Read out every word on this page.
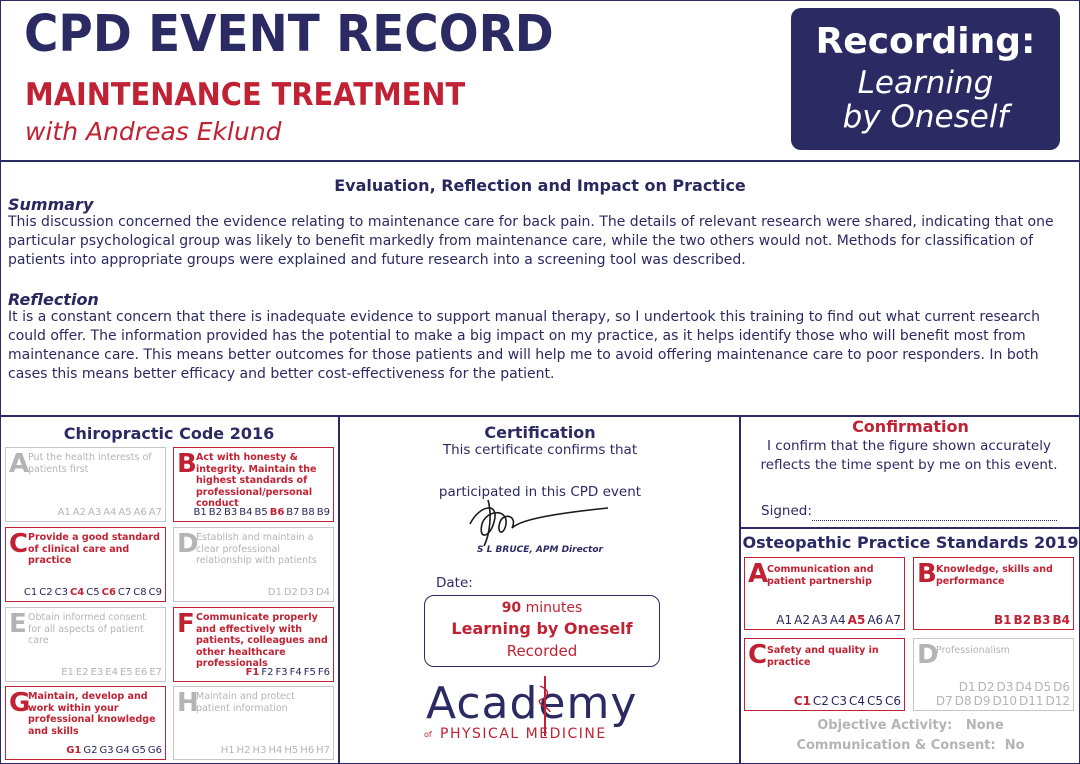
CPD EVENT RECORD
MAINTENANCE TREATMENT
with Andreas Eklund
Recording:
Learning
by Oneself
Evaluation, Reflection and Impact on Practice
Summary
This discussion concerned the evidence relating to maintenance care for back pain. The details of relevant research were shared, indicating that one particular psychological group was likely to benefit markedly from maintenance care, while the two others would not. Methods for classification of patients into appropriate groups were explained and future research into a screening tool was described.
Reflection
It is a constant concern that there is inadequate evidence to support manual therapy, so I undertook this training to find out what current research could offer. The information provided has the potential to make a big impact on my practice, as it helps identify those who will benefit most from maintenance care. This means better outcomes for those patients and will help me to avoid offering maintenance care to poor responders. In both cases this means better efficacy and better cost-effectiveness for the patient.
Chiropractic Code 2016
A
Put the health interests of patients first
A1 A2 A3 A4 A5 A6 A7
B Act with honesty & integrity. Maintain the highest standards of professional/personal conduct
B1 B2 B3 B4 B5 B6 B7 B8 B9
C Provide a good standard of clinical care and practice
C1 C2 C3 C4 C5 C6 C7 C8 C9
D
Establish and maintain a clear professional relationship with patients
D1 D2 D3 D4
E Obtain informed consent for all aspects of patient care
E1 E2 E3 E4 E5 E6 E7
F Communicate properly and effectively with patients, colleagues and other healthcare professionals
F1 F2 F3 F4 F5 F6
G
Maintain, develop and work within your professional knowledge and skills
G1 G2 G3 G4 G5 G6
H
Maintain and protect patient information
H1 H2 H3 H4 H5 H6 H7
Certification
This certificate confirms that
participated in this CPD event
S L BRUCE, APM Director
Date:
90 minutes
Learning by Oneself
Recorded
Academy
of PHYSICAL MEDICINE
Confirmation
I confirm that the figure shown accurately reflects the time spent by me on this event.
Signed:
Osteopathic Practice Standards 2019
A
Communication and patient partnership
A1 A2 A3 A4 A5 A6 A7
B Knowledge, skills and performance
B1 B2 B3 B4
C Safety and quality in practice
C1 C2 C3 C4 C5 C6
D
Professionalism
D1 D2 D3 D4 D5 D6
D7 D8 D9 D10 D11 D12
Objective Activity: None
Communication & Consent: No
